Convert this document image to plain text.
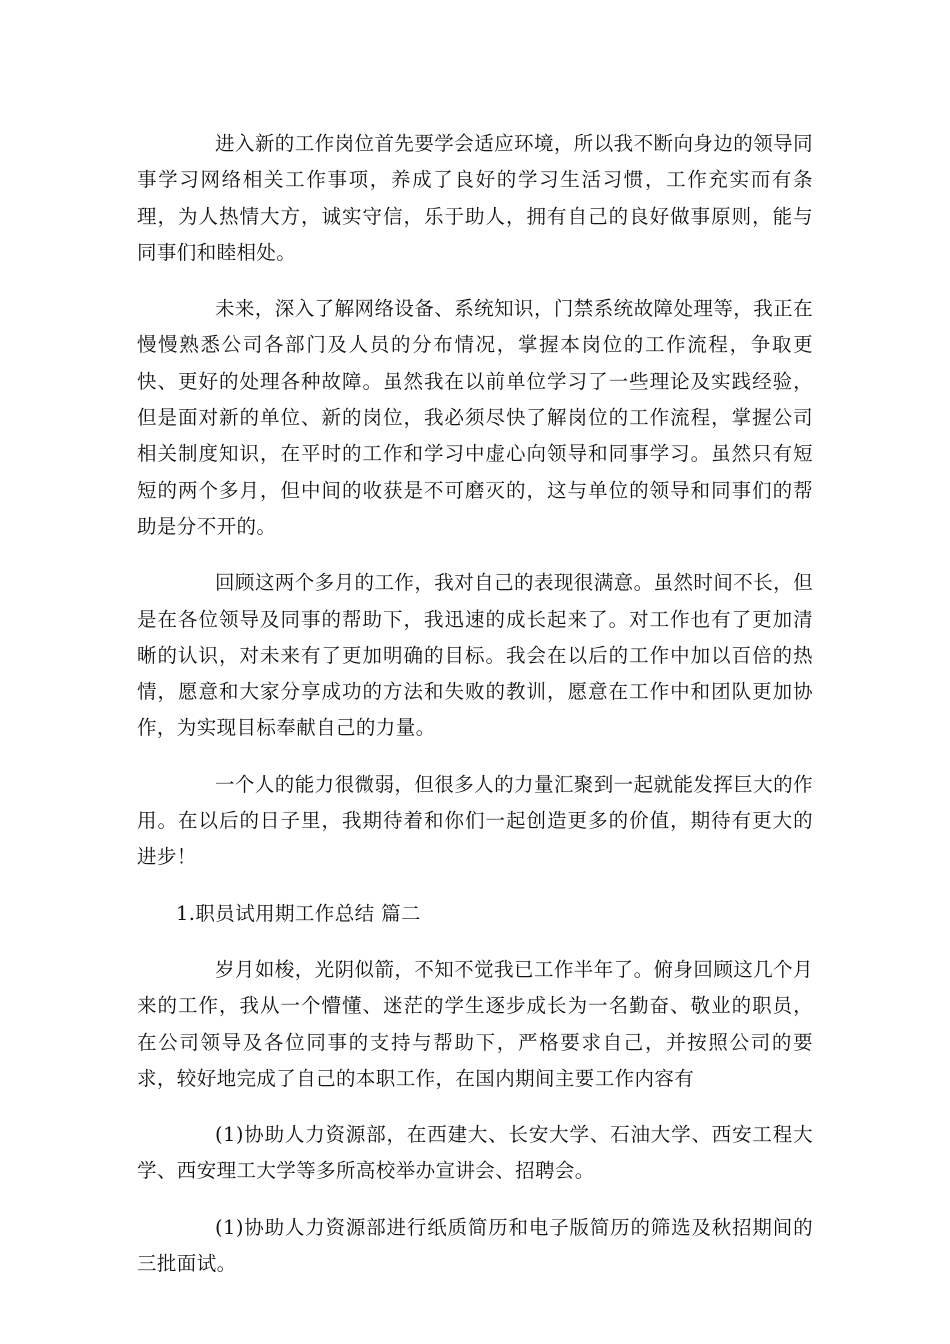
进入新的工作岗位首先要学会适应环境，所以我不断向身边的领导同事学习网络相关工作事项，养成了良好的学习生活习惯，工作充实而有条理，为人热情大方，诚实守信，乐于助人，拥有自己的良好做事原则，能与同事们和睦相处。

未来，深入了解网络设备、系统知识，门禁系统故障处理等，我正在慢慢熟悉公司各部门及人员的分布情况，掌握本岗位的工作流程，争取更快、更好的处理各种故障。虽然我在以前单位学习了一些理论及实践经验，但是面对新的单位、新的岗位，我必须尽快了解岗位的工作流程，掌握公司相关制度知识，在平时的工作和学习中虚心向领导和同事学习。虽然只有短短的两个多月，但中间的收获是不可磨灭的，这与单位的领导和同事们的帮助是分不开的。

回顾这两个多月的工作，我对自己的表现很满意。虽然时间不长，但是在各位领导及同事的帮助下，我迅速的成长起来了。对工作也有了更加清晰的认识，对未来有了更加明确的目标。我会在以后的工作中加以百倍的热情，愿意和大家分享成功的方法和失败的教训，愿意在工作中和团队更加协作，为实现目标奉献自己的力量。

一个人的能力很微弱，但很多人的力量汇聚到一起就能发挥巨大的作用。在以后的日子里，我期待着和你们一起创造更多的价值，期待有更大的进步！

1.职员试用期工作总结 篇二

岁月如梭，光阴似箭，不知不觉我已工作半年了。俯身回顾这几个月来的工作，我从一个懵懂、迷茫的学生逐步成长为一名勤奋、敬业的职员，在公司领导及各位同事的支持与帮助下，严格要求自己，并按照公司的要求，较好地完成了自己的本职工作，在国内期间主要工作内容有

(1)协助人力资源部，在西建大、长安大学、石油大学、西安工程大学、西安理工大学等多所高校举办宣讲会、招聘会。

(1)协助人力资源部进行纸质简历和电子版简历的筛选及秋招期间的三批面试。
